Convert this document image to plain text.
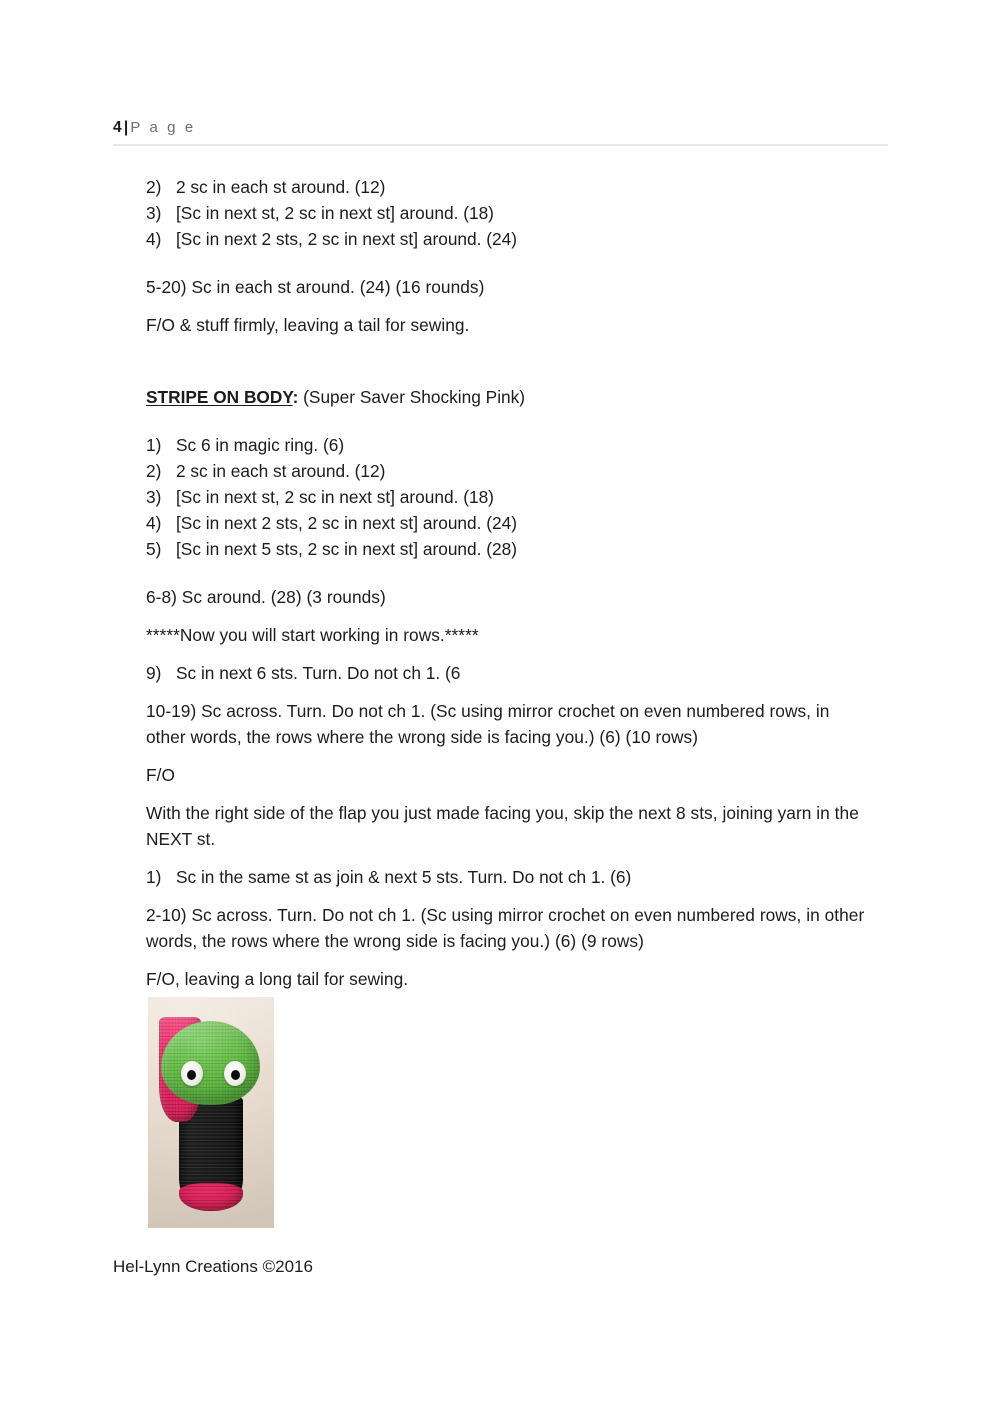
4 | P a g e
2) 2 sc in each st around. (12)
3) [Sc in next st, 2 sc in next st] around. (18)
4) [Sc in next 2 sts, 2 sc in next st] around. (24)

5-20) Sc in each st around. (24) (16 rounds)

F/O & stuff firmly, leaving a tail for sewing.

STRIPE ON BODY: (Super Saver Shocking Pink)

1) Sc 6 in magic ring. (6)
2) 2 sc in each st around. (12)
3) [Sc in next st, 2 sc in next st] around. (18)
4) [Sc in next 2 sts, 2 sc in next st] around. (24)
5) [Sc in next 5 sts, 2 sc in next st] around. (28)

6-8) Sc around. (28) (3 rounds)

*****Now you will start working in rows.*****

9) Sc in next 6 sts. Turn. Do not ch 1. (6

10-19) Sc across. Turn. Do not ch 1. (Sc using mirror crochet on even numbered rows, in other words, the rows where the wrong side is facing you.) (6) (10 rows)

F/O

With the right side of the flap you just made facing you, skip the next 8 sts, joining yarn in the NEXT st.

1) Sc in the same st as join & next 5 sts. Turn. Do not ch 1. (6)

2-10) Sc across. Turn. Do not ch 1. (Sc using mirror crochet on even numbered rows, in other words, the rows where the wrong side is facing you.) (6) (9 rows)

F/O, leaving a long tail for sewing.

Hel-Lynn Creations ©2016
